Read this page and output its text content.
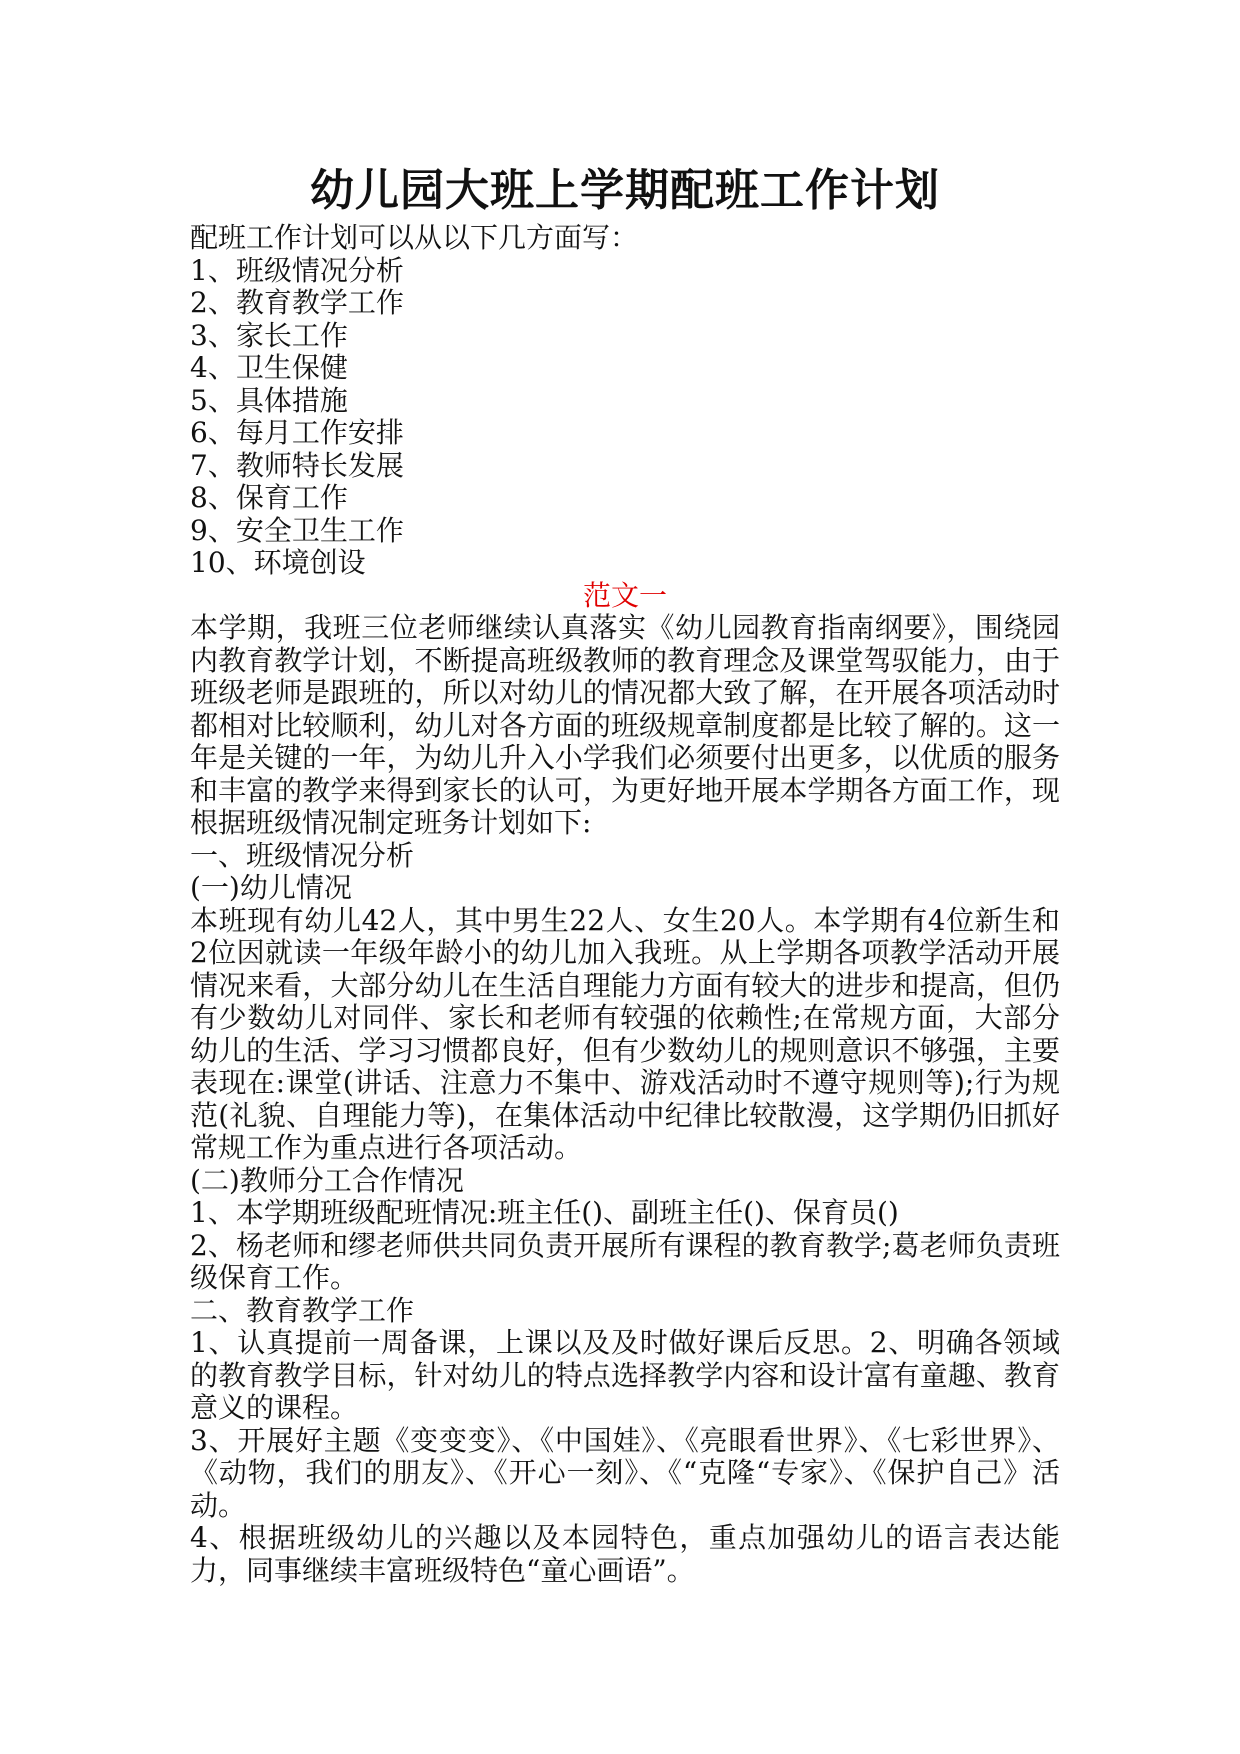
幼儿园大班上学期配班工作计划

配班工作计划可以从以下几方面写：

1、班级情况分析

2、教育教学工作

3、家长工作

4、卫生保健

5、具体措施

6、每月工作安排

7、教师特长发展

8、保育工作

9、安全卫生工作

10、环境创设

范文一

本学期，我班三位老师继续认真落实《幼儿园教育指南纲要》，围绕园内教育教学计划，不断提高班级教师的教育理念及课堂驾驭能力，由于班级老师是跟班的，所以对幼儿的情况都大致了解，在开展各项活动时都相对比较顺利，幼儿对各方面的班级规章制度都是比较了解的。这一年是关键的一年，为幼儿升入小学我们必须要付出更多，以优质的服务和丰富的教学来得到家长的认可，为更好地开展本学期各方面工作，现根据班级情况制定班务计划如下:

一、班级情况分析

(一)幼儿情况

本班现有幼儿42人，其中男生22人、女生20人。本学期有4位新生和2位因就读一年级年龄小的幼儿加入我班。从上学期各项教学活动开展情况来看，大部分幼儿在生活自理能力方面有较大的进步和提高，但仍有少数幼儿对同伴、家长和老师有较强的依赖性;在常规方面，大部分幼儿的生活、学习习惯都良好，但有少数幼儿的规则意识不够强，主要表现在:课堂(讲话、注意力不集中、游戏活动时不遵守规则等);行为规范(礼貌、自理能力等)，在集体活动中纪律比较散漫，这学期仍旧抓好常规工作为重点进行各项活动。

(二)教师分工合作情况

1、本学期班级配班情况:班主任()、副班主任()、保育员()

2、杨老师和缪老师供共同负责开展所有课程的教育教学;葛老师负责班级保育工作。

二、教育教学工作

1、认真提前一周备课，上课以及及时做好课后反思。2、明确各领域的教育教学目标，针对幼儿的特点选择教学内容和设计富有童趣、教育意义的课程。

3、开展好主题《变变变》、《中国娃》、《亮眼看世界》、《七彩世界》、《动物，我们的朋友》、《开心一刻》、《“克隆“专家》、《保护自己》活动。

4、根据班级幼儿的兴趣以及本园特色，重点加强幼儿的语言表达能力，同事继续丰富班级特色“童心画语”。
